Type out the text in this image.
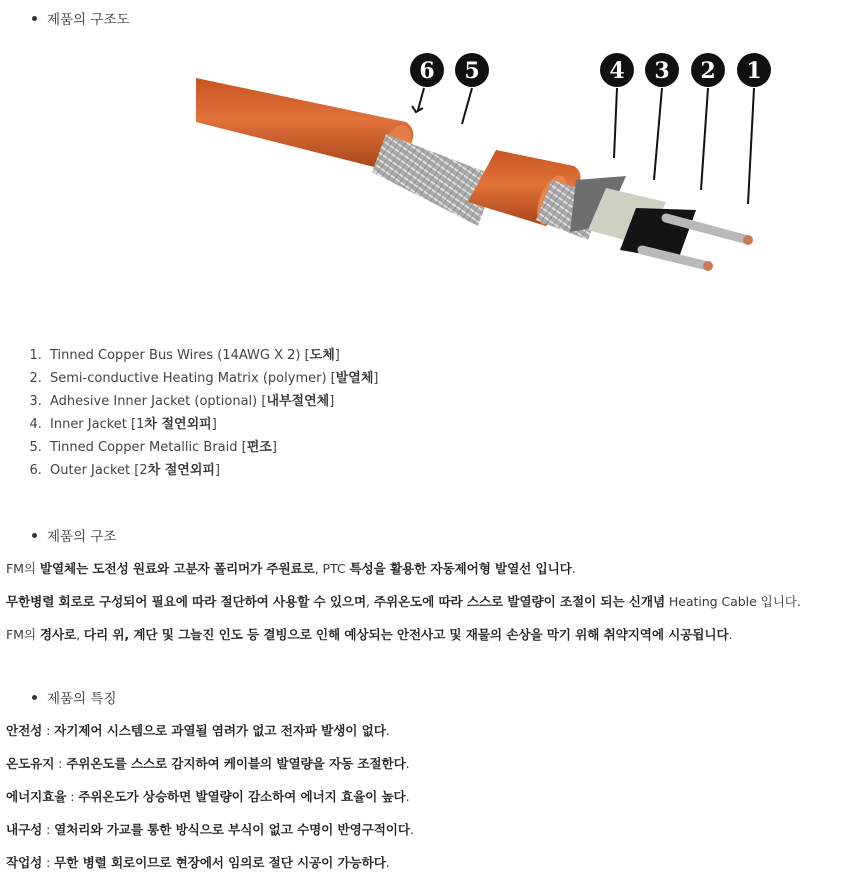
제품의 구조도
6 5	4 3 2 1
1. Tinned Copper Bus Wires (14AWG X 2) [도체]
2. Semi-conductive Heating Matrix (polymer) [발열체]
3. Adhesive Inner Jacket (optional) [내부절연체]
4. Inner Jacket [1차 절연외피]
5. Tinned Copper Metallic Braid [편조]
6. Outer Jacket [2차 절연외피]
제품의 구조
FM의 발열체는 도전성 원료와 고분자 폴리머가 주원료로, PTC 특성을 활용한 자동제어형 발열선 입니다.
무한병렬 회로로 구성되어 필요에 따라 절단하여 사용할 수 있으며, 주위온도에 따라 스스로 발열량이 조절이 되는 신개념 Heating Cable 입니다.
FM의 경사로, 다리 위, 계단 및 그늘진 인도 등 결빙으로 인해 예상되는 안전사고 및 재물의 손상을 막기 위해 취약지역에 시공됩니다.
제품의 특징
안전성 : 자기제어 시스템으로 과열될 염려가 없고 전자파 발생이 없다.
온도유지 : 주위온도를 스스로 감지하여 케이블의 발열량을 자동 조절한다.
에너지효율 : 주위온도가 상승하면 발열량이 감소하여 에너지 효율이 높다.
내구성 : 열처리와 가교를 통한 방식으로 부식이 없고 수명이 반영구적이다.
작업성 : 무한 병렬 회로이므로 현장에서 임의로 절단 시공이 가능하다.
